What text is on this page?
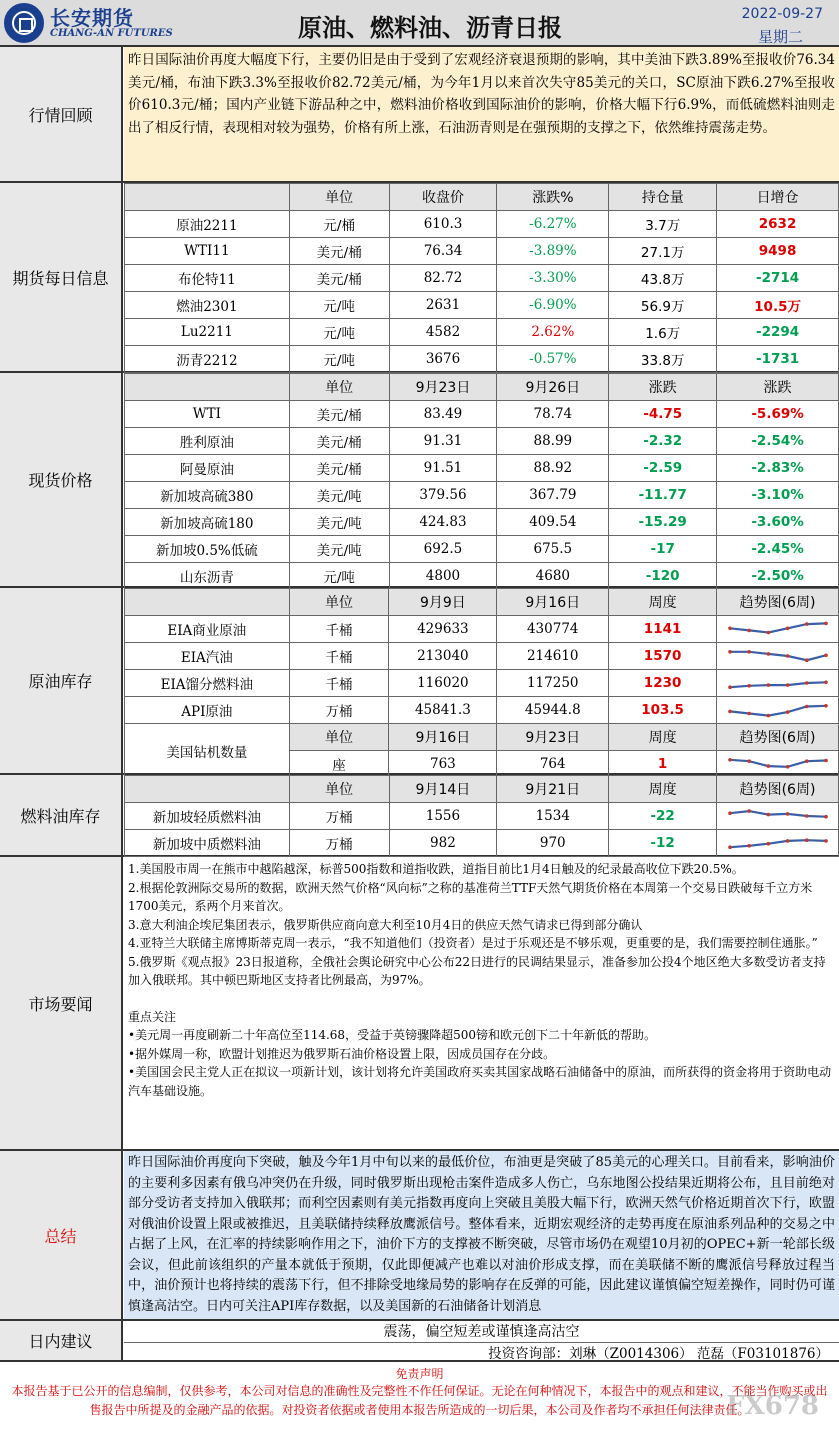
长安期货
CHANG-AN FUTURES	原油、燃料油、沥青日报	2022-09-27
星期二
行情回顾
昨日国际油价再度大幅度下行，主要仍旧是由于受到了宏观经济衰退预期的影响，其中美油下跌3.89%至报收价76.34美元/桶，布油下跌3.3%至报收价82.72美元/桶，为今年1月以来首次失守85美元的关口，SC原油下跌6.27%至报收价610.3元/桶；国内产业链下游品种之中，燃料油价格收到国际油价的影响，价格大幅下行6.9%，而低硫燃料油则走出了相反行情，表现相对较为强势，价格有所上涨，石油沥青则是在强预期的支撑之下，依然维持震荡走势。
期货每日信息
	单位	收盘价	涨跌%	持仓量	日增仓
原油2211	元/桶	610.3	-6.27%	3.7万	2632
WTI11	美元/桶	76.34	-3.89%	27.1万	9498
布伦特11	美元/桶	82.72	-3.30%	43.8万	-2714
燃油2301	元/吨	2631	-6.90%	56.9万	10.5万
Lu2211	元/吨	4582	2.62%	1.6万	-2294
沥青2212	元/吨	3676	-0.57%	33.8万	-1731
现货价格
	单位	9月23日	9月26日	涨跌	涨跌
WTI	美元/桶	83.49	78.74	-4.75	-5.69%
胜利原油	美元/桶	91.31	88.99	-2.32	-2.54%
阿曼原油	美元/桶	91.51	88.92	-2.59	-2.83%
新加坡高硫380	美元/吨	379.56	367.79	-11.77	-3.10%
新加坡高硫180	美元/吨	424.83	409.54	-15.29	-3.60%
新加坡0.5%低硫	美元/吨	692.5	675.5	-17	-2.45%
山东沥青	元/吨	4800	4680	-120	-2.50%
原油库存
	单位	9月9日	9月16日	周度	趋势图(6周)
EIA商业原油	千桶	429633	430774	1141	

EIA汽油	千桶	213040	214610	1570	

EIA馏分燃料油	千桶	116020	117250	1230	

API原油	万桶	45841.3	45944.8	103.5	

美国钻机数量	单位	9月16日	9月23日	周度	趋势图(6周)
	座	763	764	1	
燃料油库存
	单位	9月14日	9月21日	周度	趋势图(6周)
新加坡轻质燃料油	万桶	1556	1534	-22	

新加坡中质燃料油	万桶	982	970	-12	
市场要闻
1.美国股市周一在熊市中越陷越深，标普500指数和道指收跌，道指目前比1月4日触及的纪录最高收位下跌20.5%。
2.根据伦敦洲际交易所的数据，欧洲天然气价格“风向标”之称的基准荷兰TTF天然气期货价格在本周第一个交易日跌破每千立方米1700美元，系两个月来首次。
3.意大利油企埃尼集团表示，俄罗斯供应商向意大利至10月4日的供应天然气请求已得到部分确认
4.亚特兰大联储主席博斯蒂克周一表示，“我不知道他们（投资者）是过于乐观还是不够乐观，更重要的是，我们需要控制住通胀。”
5.俄罗斯《观点报》23日报道称，全俄社会舆论研究中心公布22日进行的民调结果显示，准备参加公投4个地区绝大多数受访者支持加入俄联邦。其中顿巴斯地区支持者比例最高，为97%。
重点关注
•美元周一再度刷新二十年高位至114.68，受益于英镑骤降超500镑和欧元创下二十年新低的帮助。
•据外媒周一称，欧盟计划推迟为俄罗斯石油价格设置上限，因成员国存在分歧。
•美国国会民主党人正在拟议一项新计划，该计划将允许美国政府买卖其国家战略石油储备中的原油，而所获得的资金将用于资助电动汽车基础设施。
总结
昨日国际油价再度向下突破，触及今年1月中旬以来的最低价位，布油更是突破了85美元的心理关口。目前看来，影响油价的主要利多因素有俄乌冲突仍在升级，同时俄罗斯出现枪击案件造成多人伤亡，乌东地图公投结果近期将公布，且目前绝对部分受访者支持加入俄联邦；而利空因素则有美元指数再度向上突破且美股大幅下行，欧洲天然气价格近期首次下行，欧盟对俄油价设置上限或被推迟，且美联储持续释放鹰派信号。整体看来，近期宏观经济的走势再度在原油系列品种的交易之中占据了上风，在汇率的持续影响作用之下，油价下方的支撑被不断突破，尽管市场仍在观望10月初的OPEC+新一轮部长级会议，但此前该组织的产量本就低于预期，仅此即便减产也难以对油价形成支撑，而在美联储不断的鹰派信号释放过程当中，油价预计也将持续的震荡下行，但不排除受地缘局势的影响存在反弹的可能，因此建议谨慎偏空短差操作，同时仍可谨慎逢高沽空。日内可关注API库存数据，以及美国新的石油储备计划消息
日内建议	震荡，偏空短差或谨慎逢高沽空
投资咨询部：刘琳（Z0014306） 范磊（F03101876）
免责声明
本报告基于已公开的信息编制，仅供参考，本公司对信息的准确性及完整性不作任何保证。无论在何种情况下，本报告中的观点和建议，不能当作购买或出售报告中所提及的金融产品的依据。对投资者依据或者使用本报告所造成的一切后果，本公司及作者均不承担任何法律责任。
FX678
